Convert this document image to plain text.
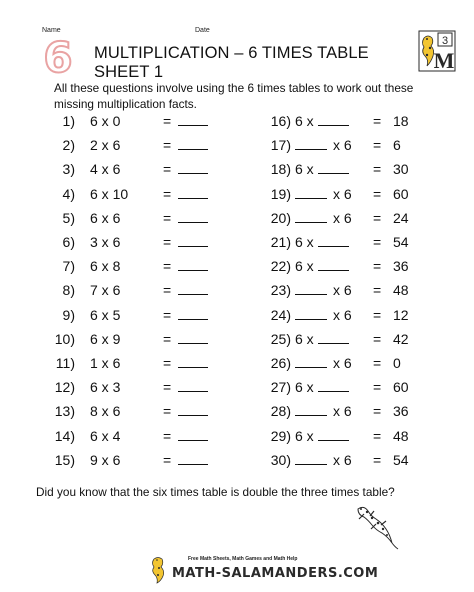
Name	Date
6	MULTIPLICATION – 6 TIMES TABLE SHEET 1
3
M
All these questions involve using the 6 times tables to work out these missing multiplication facts.
1) 6 x 0	=
2) 2 x 6	=
3) 4 x 6	=
4) 6 x 10 =
5) 6 x 6	=
6) 3 x 6	=
7) 6 x 8	=
8) 7 x 6	=
9) 6 x 5	=
10) 6 x 9	=
11) 1 x 6	=
12) 6 x 3	=
13) 8 x 6	=
14) 6 x 4	=
15) 9 x 6	=
16) 6 x	= 18
17)	x 6 = 6
18) 6 x	= 30
19)	x 6 = 60
20)	x 6 = 24
21) 6 x	= 54
22) 6 x	= 36
23)	x 6 = 48
24)	x 6 = 12
25) 6 x	= 42
26)	x 6 = 0
27) 6 x	= 60
28)	x 6 = 36
29) 6 x	= 48
30)	x 6 = 54
Did you know that the six times table is double the three times table?
Free Math Sheets, Math Games and Math Help
MATH-SALAMANDERS.COM
